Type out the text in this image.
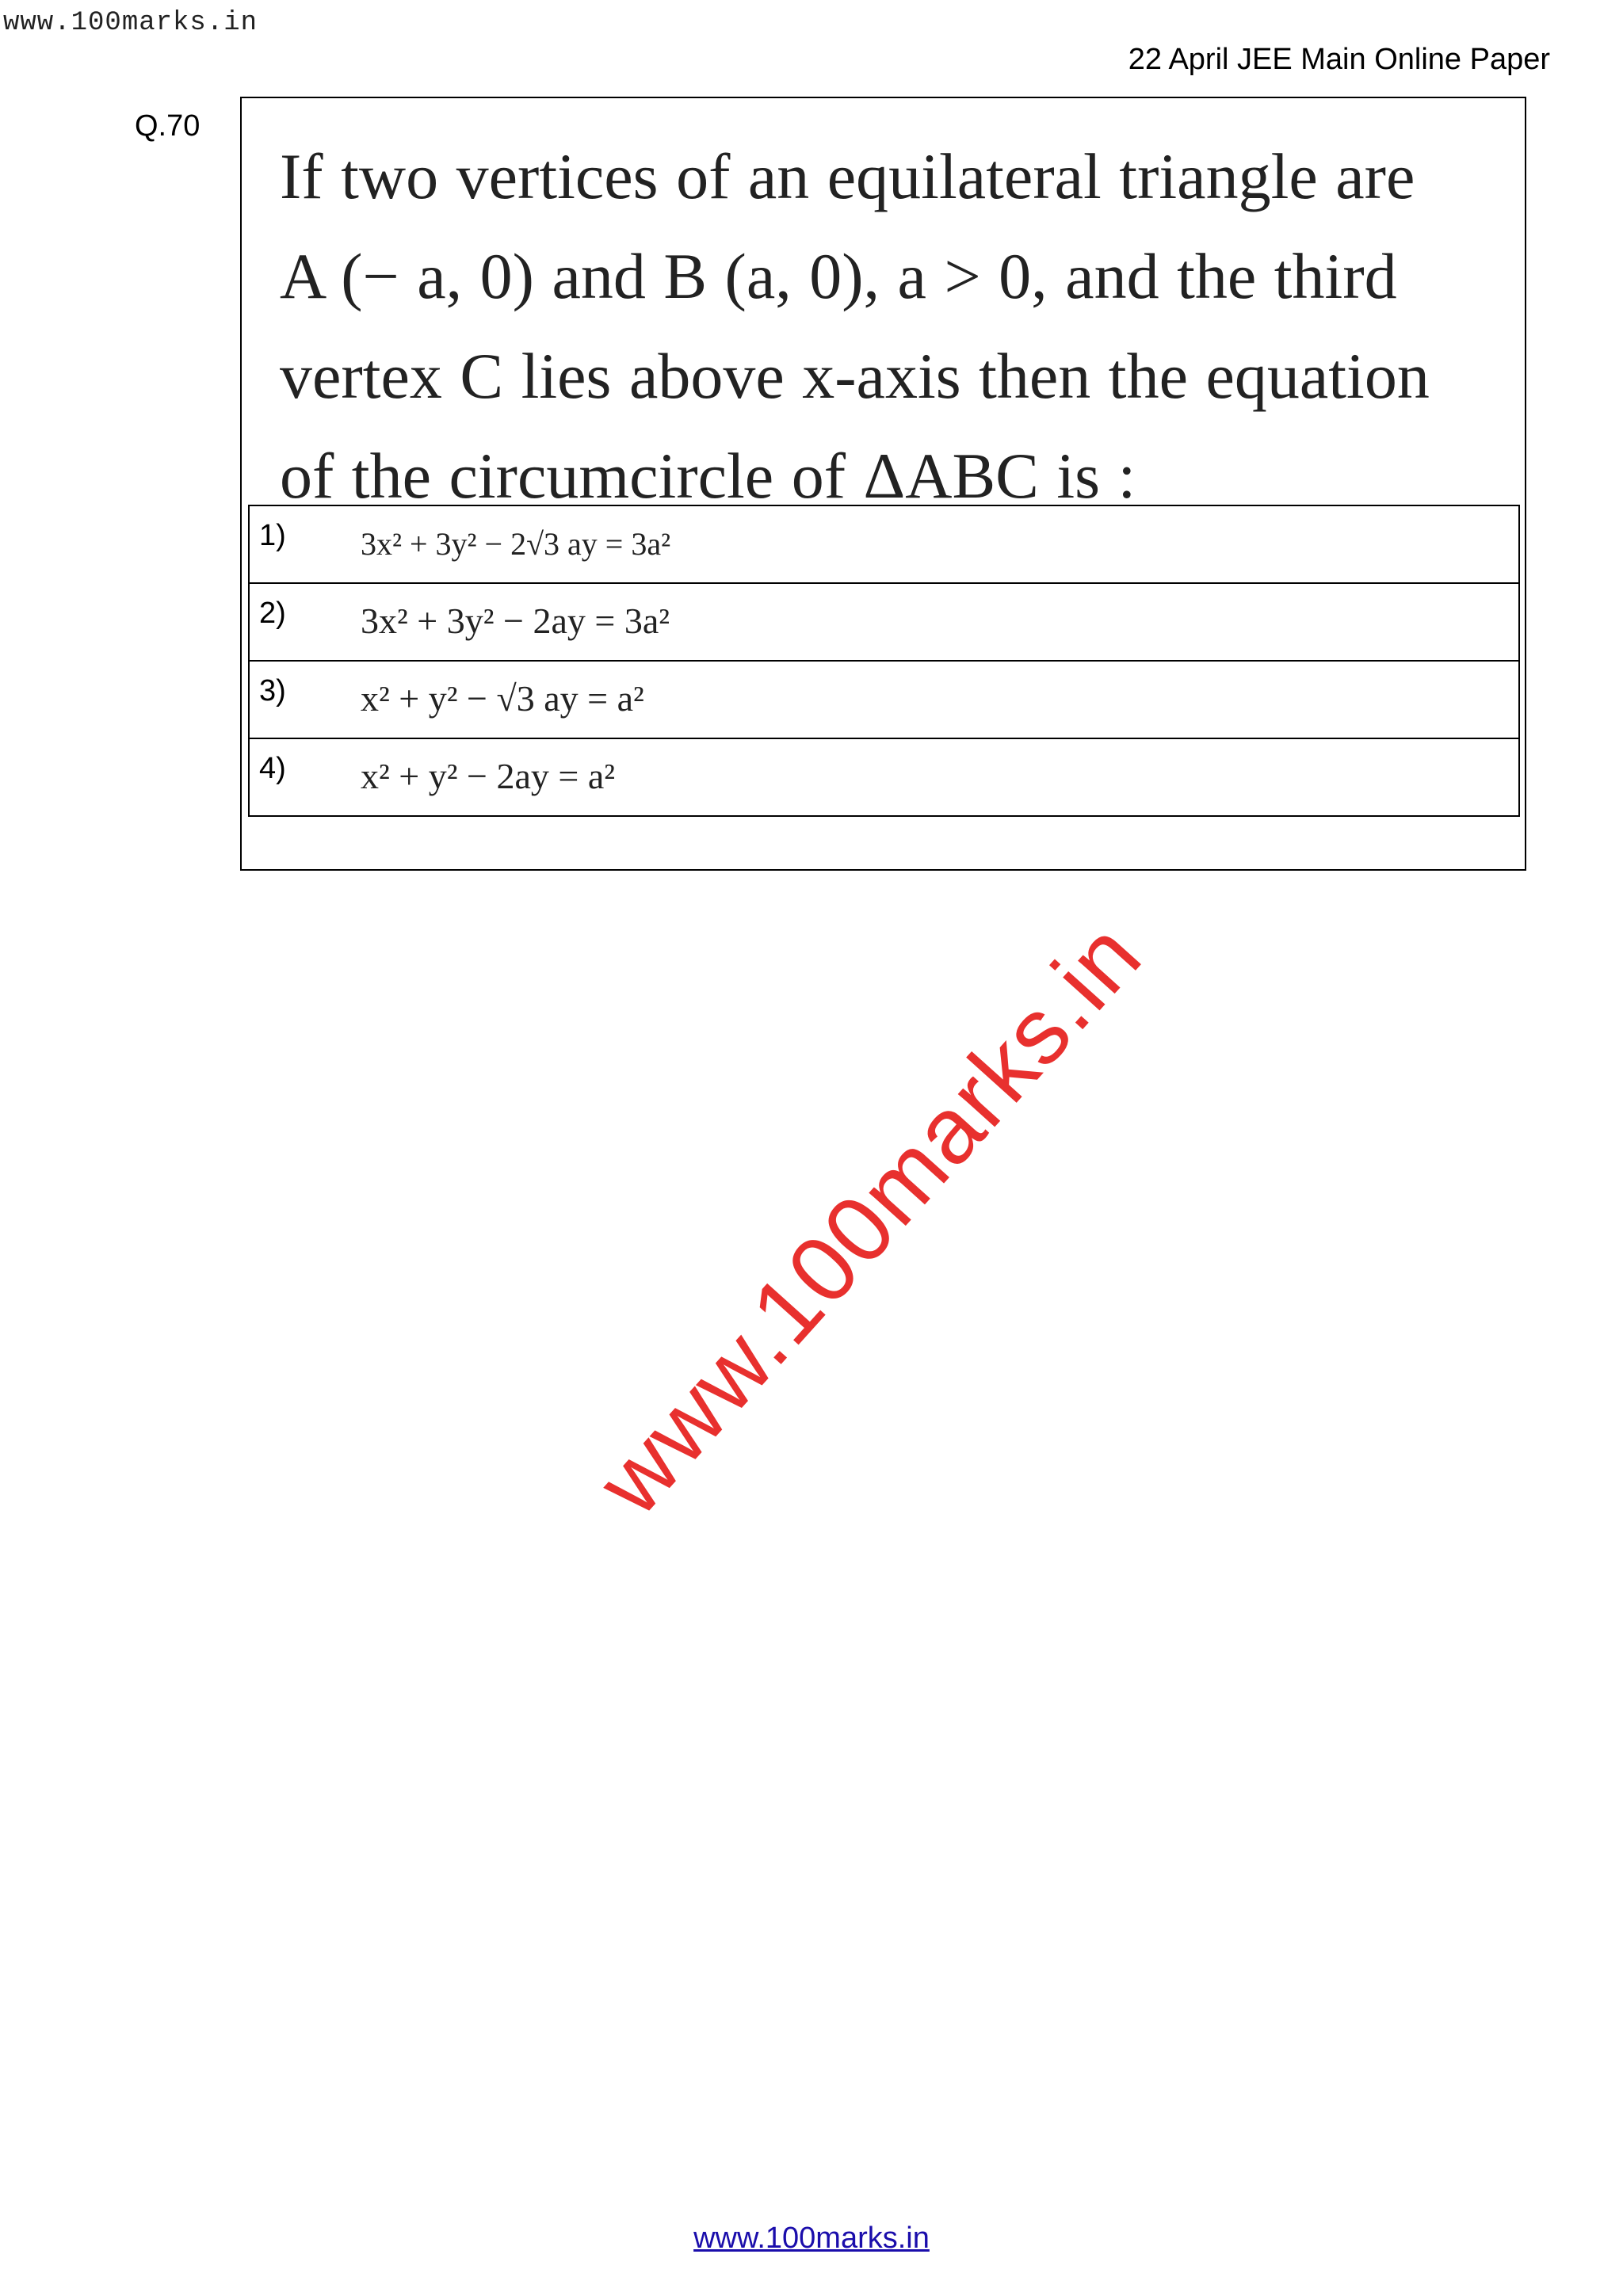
www.100marks.in
22 April JEE Main Online Paper
Q.70
If two vertices of an equilateral triangle are
A (− a, 0) and B (a, 0), a > 0, and the third
vertex C lies above x-axis then the equation
of the circumcircle of ΔABC is :
1) 3x² + 3y² − 2√3 ay = 3a²

2) 3x² + 3y² − 2ay = 3a²

3) x² + y² − √3 ay = a²

4) x² + y² − 2ay = a²
www.100marks.in
www.100marks.in
